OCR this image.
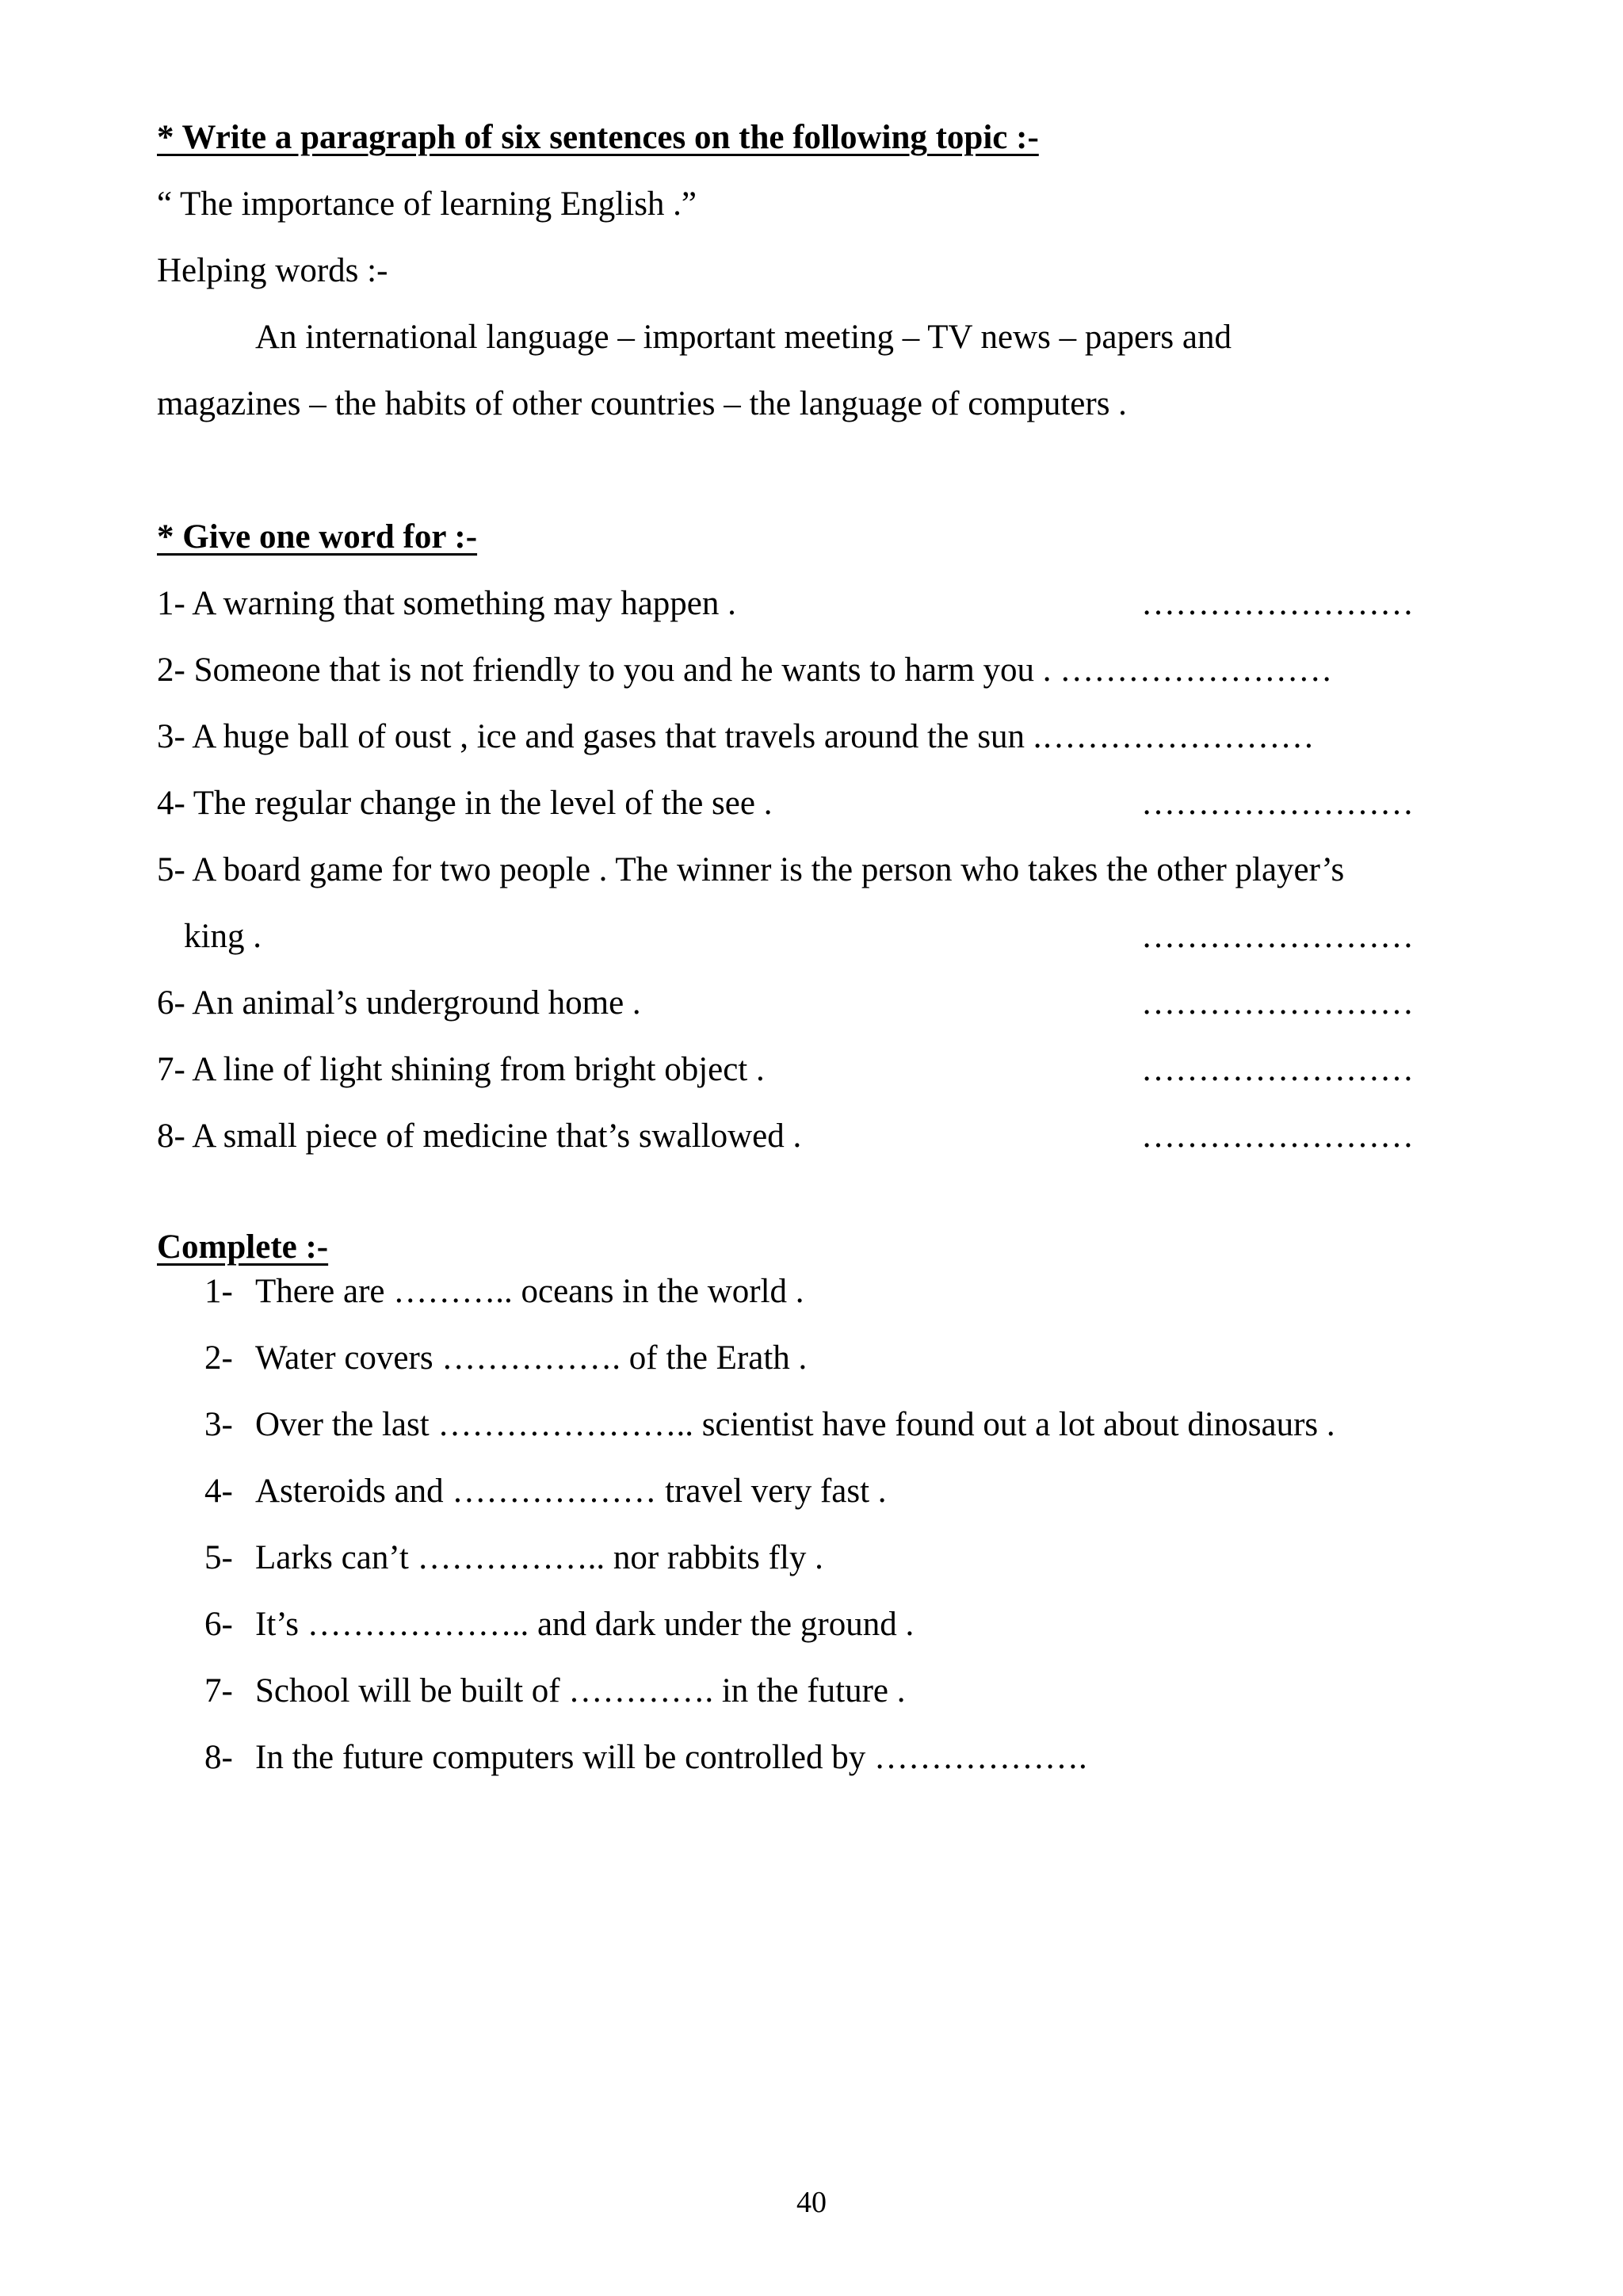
* Write a paragraph of six sentences on the following topic :-
“ The importance of learning English .”
Helping words :-
An international language – important meeting – TV news – papers and
magazines – the habits of other countries – the language of computers .
* Give one word for :-
1- A warning that something may happen .	……………………
2- Someone that is not friendly to you and he wants to harm you . ……………………
3- A huge ball of oust , ice and gases that travels around the sun .……………………
4- The regular change in the level of the see .	……………………
5- A board game for two people . The winner is the person who takes the other player’s
king .	……………………
6- An animal’s underground home .	……………………
7- A line of light shining from bright object .	……………………
8- A small piece of medicine that’s swallowed .	……………………
Complete :-
1- There are ……….. oceans in the world .
2- Water covers ……………. of the Erath .
3- Over the last ………………….. scientist have found out a lot about dinosaurs .
4- Asteroids and ……………… travel very fast .
5- Larks can’t …………….. nor rabbits fly .
6- It’s ……………….. and dark under the ground .
7- School will be built of …………. in the future .
8- In the future computers will be controlled by ……………….
40
